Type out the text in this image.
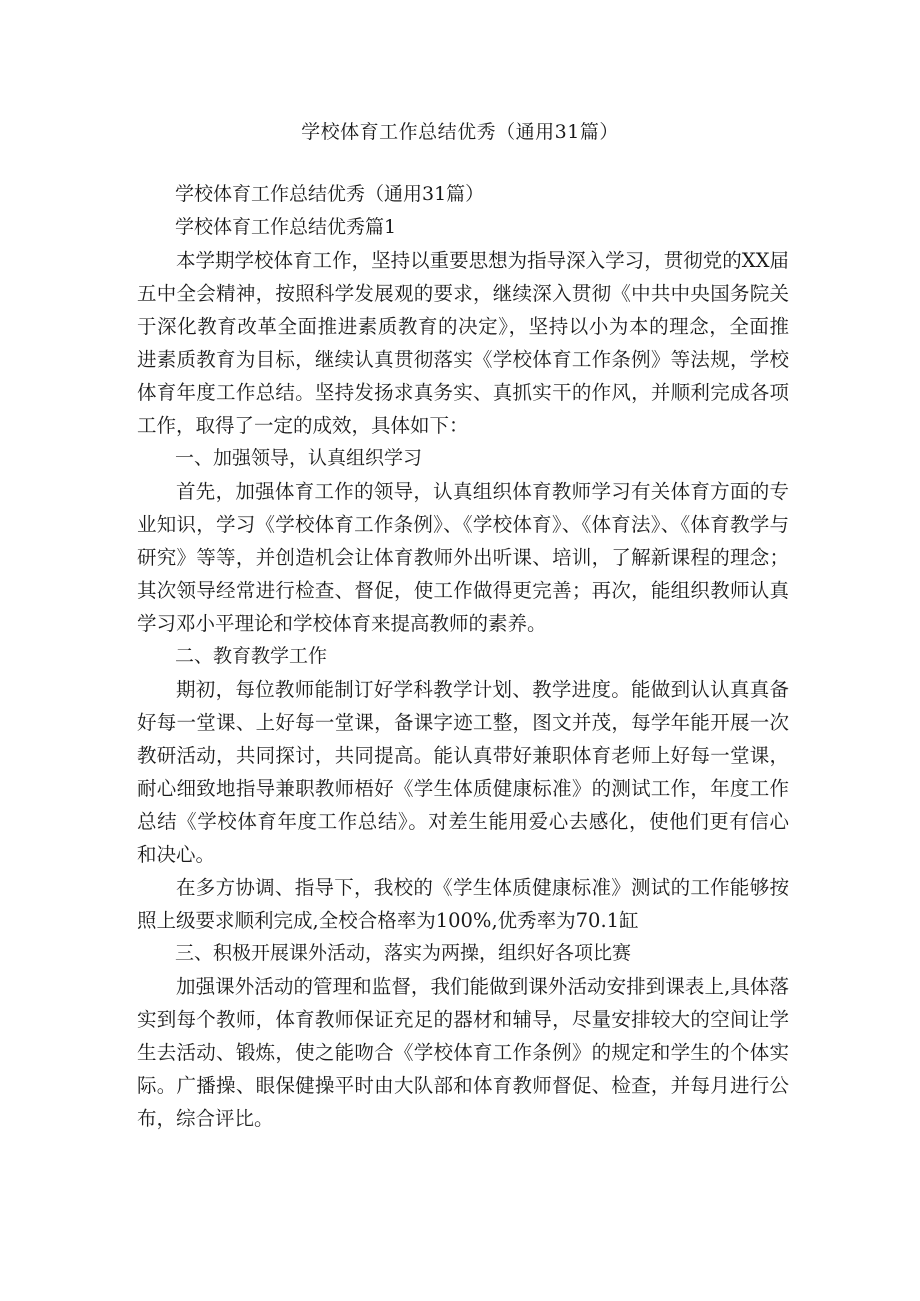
学校体育工作总结优秀（通用31篇）

学校体育工作总结优秀（通用31篇）

学校体育工作总结优秀篇1

本学期学校体育工作，坚持以重要思想为指导深入学习，贯彻党的XX届五中全会精神，按照科学发展观的要求，继续深入贯彻《中共中央国务院关于深化教育改革全面推进素质教育的决定》，坚持以小为本的理念，全面推进素质教育为目标，继续认真贯彻落实《学校体育工作条例》等法规，学校体育年度工作总结。坚持发扬求真务实、真抓实干的作风，并顺利完成各项工作，取得了一定的成效，具体如下：

一、加强领导，认真组织学习

首先，加强体育工作的领导，认真组织体育教师学习有关体育方面的专业知识，学习《学校体育工作条例》、《学校体育》、《体育法》、《体育教学与研究》等等，并创造机会让体育教师外出听课、培训，了解新课程的理念；其次领导经常进行检查、督促，使工作做得更完善；再次，能组织教师认真学习邓小平理论和学校体育来提高教师的素养。

二、教育教学工作

期初，每位教师能制订好学科教学计划、教学进度。能做到认认真真备好每一堂课、上好每一堂课，备课字迹工整，图文并茂，每学年能开展一次教研活动，共同探讨，共同提高。能认真带好兼职体育老师上好每一堂课，耐心细致地指导兼职教师梧好《学生体质健康标准》的测试工作，年度工作总结《学校体育年度工作总结》。对差生能用爱心去感化，使他们更有信心和决心。

在多方协调、指导下，我校的《学生体质健康标准》测试的工作能够按照上级要求顺利完成,全校合格率为100%,优秀率为70.1缸

三、积极开展课外活动，落实为两操，组织好各项比赛

加强课外活动的管理和监督，我们能做到课外活动安排到课表上,具体落实到每个教师，体育教师保证充足的器材和辅导，尽量安排较大的空间让学生去活动、锻炼，使之能吻合《学校体育工作条例》的规定和学生的个体实际。广播操、眼保健操平时由大队部和体育教师督促、检查，并每月进行公布，综合评比。
